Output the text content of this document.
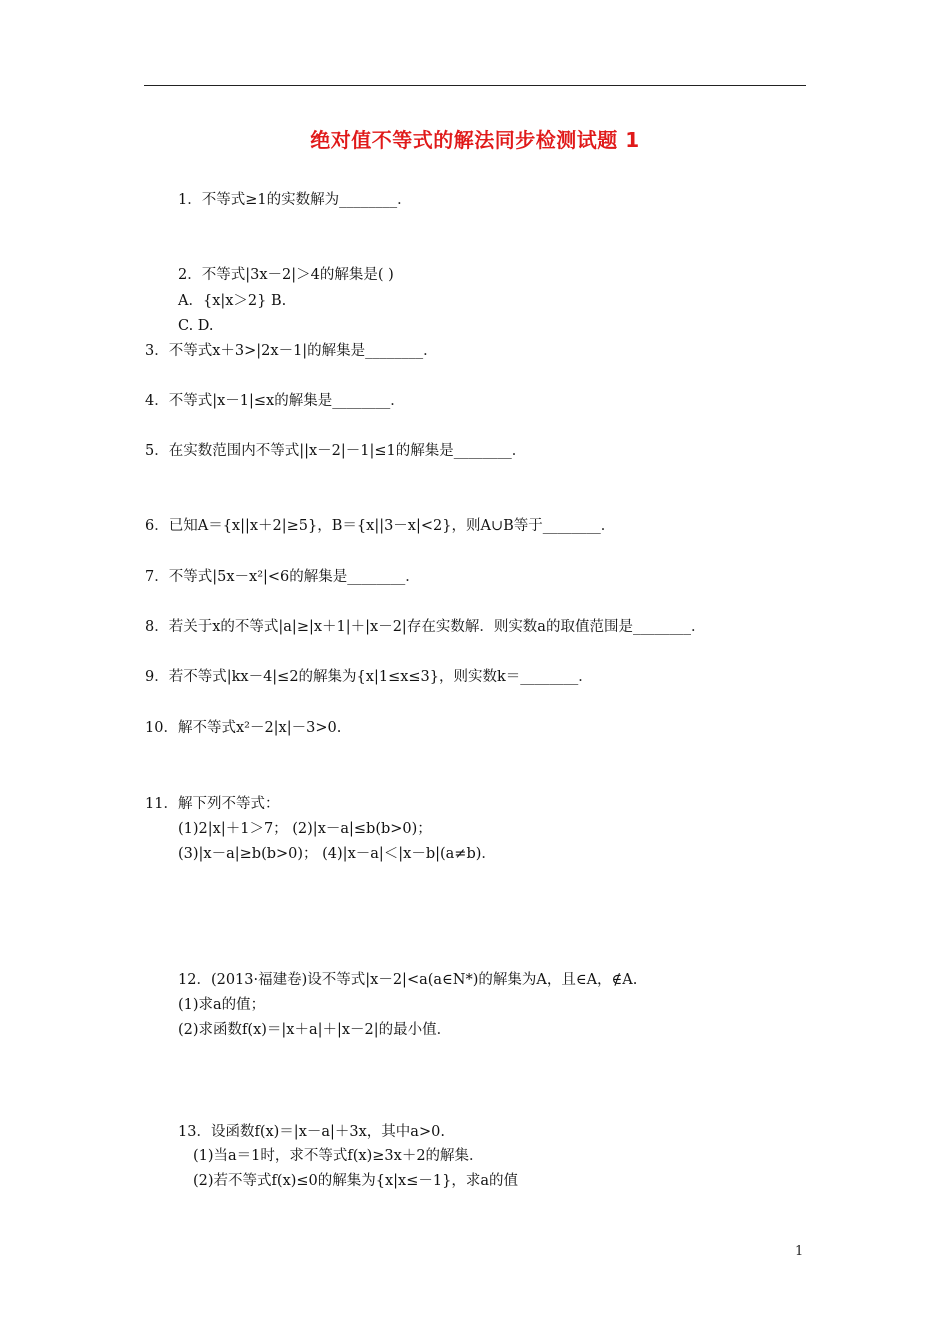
绝对值不等式的解法同步检测试题 1
1．不等式≥1的实数解为________．
2．不等式|3x－2|＞4的解集是( )
A．{x|x＞2} B.
C. D.
3．不等式x＋3>|2x－1|的解集是________．
4．不等式|x－1|≤x的解集是________．
5．在实数范围内不等式||x－2|－1|≤1的解集是________．
6．已知A＝{x||x＋2|≥5}，B＝{x||3－x|<2}，则A∪B等于________．
7．不等式|5x－x²|<6的解集是________．
8．若关于x的不等式|a|≥|x＋1|＋|x－2|存在实数解．则实数a的取值范围是________．
9．若不等式|kx－4|≤2的解集为{x|1≤x≤3}，则实数k＝________．
10．解不等式x²－2|x|－3>0.
11．解下列不等式：
(1)2|x|＋1＞7； (2)|x－a|≤b(b>0)；
(3)|x－a|≥b(b>0)； (4)|x－a|＜|x－b|(a≠b)．
12．(2013·福建卷)设不等式|x－2|<a(a∈N*)的解集为A，且∈A，∉A.
(1)求a的值；
(2)求函数f(x)＝|x＋a|＋|x－2|的最小值．
13．设函数f(x)＝|x－a|＋3x，其中a>0.
(1)当a＝1时，求不等式f(x)≥3x＋2的解集．
(2)若不等式f(x)≤0的解集为{x|x≤－1}，求a的值
1
